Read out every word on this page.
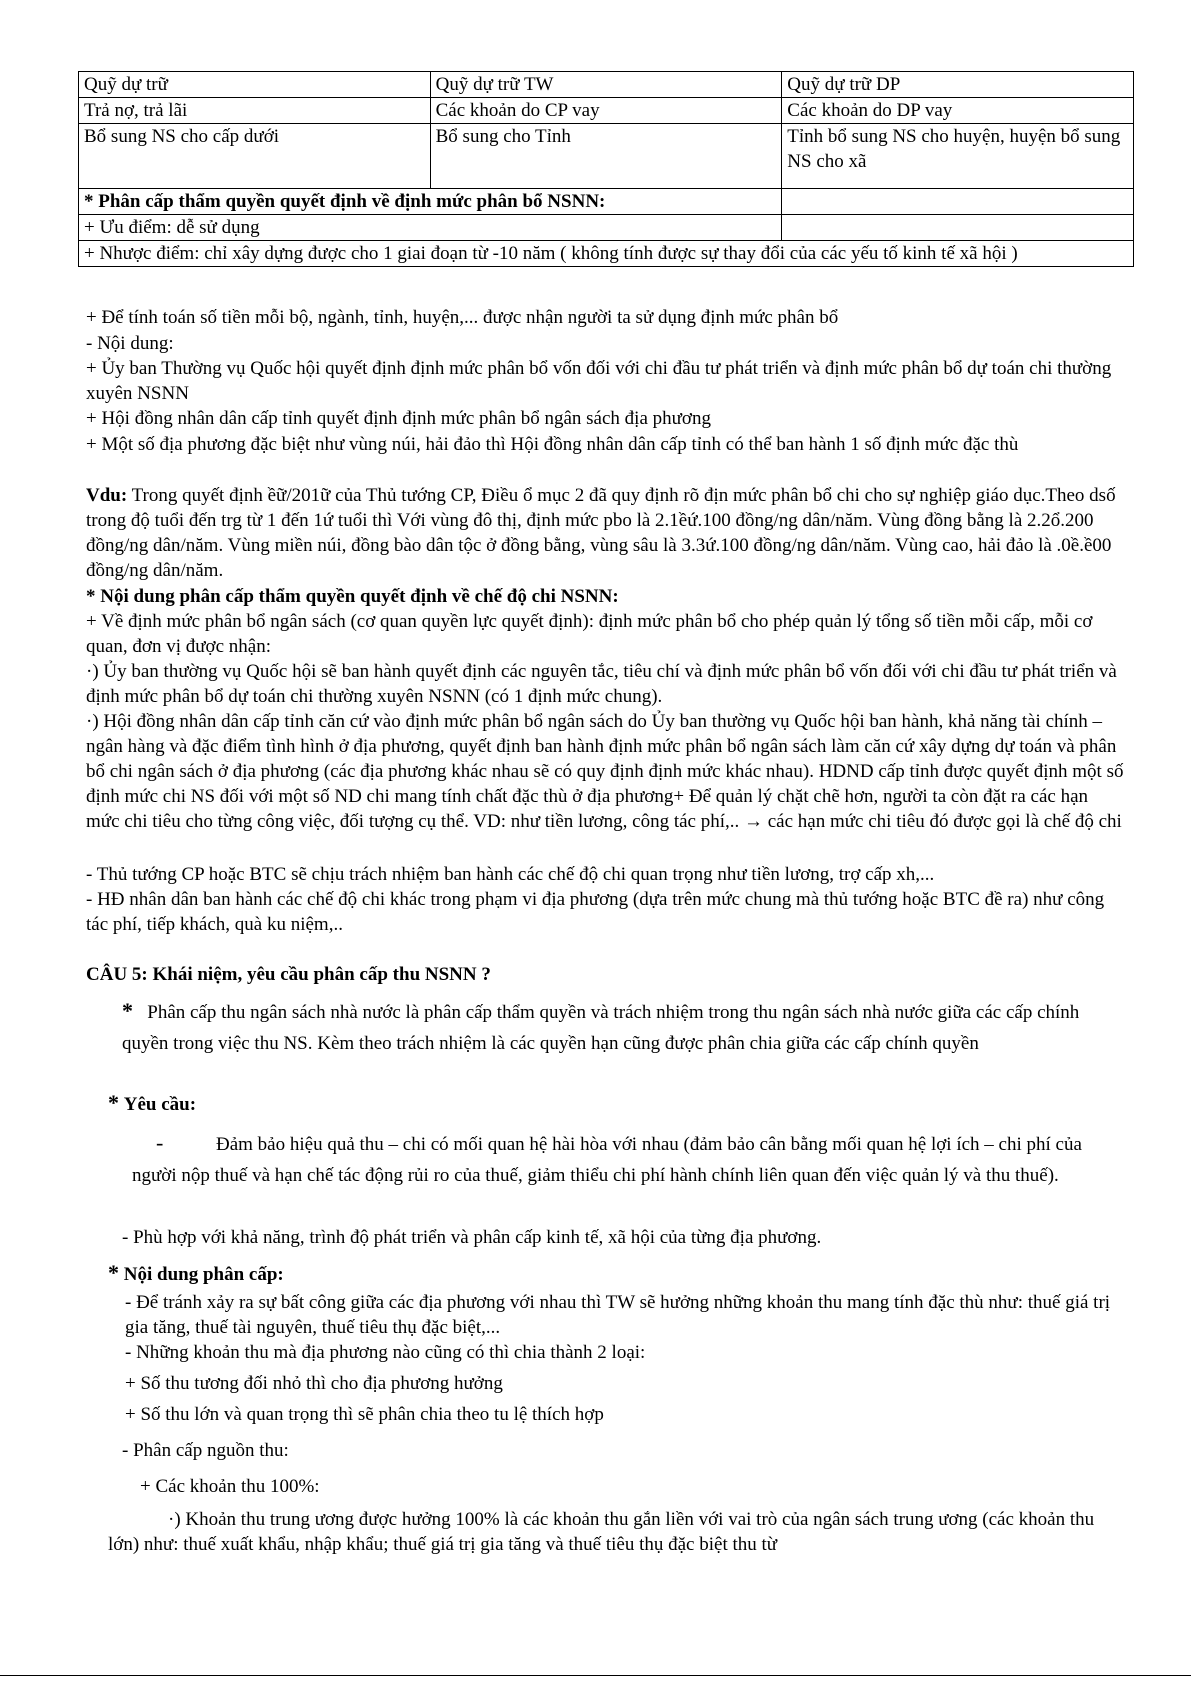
Quỹ dự trữ	Quỹ dự trữ TW	Quỹ dự trữ DP
Trả nợ, trả lãi	Các khoản do CP vay	Các khoản do DP vay
Bổ sung NS cho cấp dưới	Bổ sung cho Tỉnh	Tỉnh bổ sung NS cho huyện, huyện bổ sung NS cho xã
* Phân cấp thẩm quyền quyết định về định mức phân bổ NSNN:		
+ Ưu điểm: dễ sử dụng		
+ Nhược điểm: chỉ xây dựng được cho 1 giai đoạn từ -10 năm ( không tính được sự thay đổi của các yếu tố kinh tế xã hội )		

+ Để tính toán số tiền mỗi bộ, ngành, tỉnh, huyện,... được nhận người ta sử dụng định mức phân bổ

- Nội dung:

+ Ủy ban Thường vụ Quốc hội quyết định định mức phân bổ vốn đối với chi đầu tư phát triển và định mức phân bổ dự toán chi thường xuyên NSNN

+ Hội đồng nhân dân cấp tỉnh quyết định định mức phân bổ ngân sách địa phương

+ Một số địa phương đặc biệt như vùng núi, hải đảo thì Hội đồng nhân dân cấp tỉnh có thể ban hành 1 số định mức đặc thù

Vdu: Trong quyết định ềữ/201ữ của Thủ tướng CP, Điều ổ mục 2 đã quy định rõ địn mức phân bổ chi cho sự nghiệp giáo dục.Theo dsố trong độ tuổi đến trg từ 1 đến 1ứ tuổi thì Với vùng đô thị, định mức pbo là 2.1ềứ.100 đồng/ng dân/năm. Vùng đồng bằng là 2.2ổ.200 đồng/ng dân/năm. Vùng miền núi, đồng bào dân tộc ở đồng bằng, vùng sâu là 3.3ứ.100 đồng/ng dân/năm. Vùng cao, hải đảo là .0ề.ề00 đồng/ng dân/năm.

* Nội dung phân cấp thẩm quyền quyết định về chế độ chi NSNN:

+ Về định mức phân bổ ngân sách (cơ quan quyền lực quyết định): định mức phân bổ cho phép quản lý tổng số tiền mỗi cấp, mỗi cơ quan, đơn vị được nhận:

·) Ủy ban thường vụ Quốc hội sẽ ban hành quyết định các nguyên tắc, tiêu chí và định mức phân bổ vốn đối với chi đầu tư phát triển và định mức phân bổ dự toán chi thường xuyên NSNN (có 1 định mức chung).

·) Hội đồng nhân dân cấp tỉnh căn cứ vào định mức phân bổ ngân sách do Ủy ban thường vụ Quốc hội ban hành, khả năng tài chính – ngân hàng và đặc điểm tình hình ở địa phương, quyết định ban hành định mức phân bổ ngân sách làm căn cứ xây dựng dự toán và phân bổ chi ngân sách ở địa phương (các địa phương khác nhau sẽ có quy định định mức khác nhau). HDND cấp tỉnh được quyết định một số định mức chi NS đối với một số ND chi mang tính chất đặc thù ở địa phương+ Để quản lý chặt chẽ hơn, người ta còn đặt ra các hạn mức chi tiêu cho từng công việc, đối tượng cụ thể. VD: như tiền lương, công tác phí,.. → các hạn mức chi tiêu đó được gọi là chế độ chi

- Thủ tướng CP hoặc BTC sẽ chịu trách nhiệm ban hành các chế độ chi quan trọng như tiền lương, trợ cấp xh,...

- HĐ nhân dân ban hành các chế độ chi khác trong phạm vi địa phương (dựa trên mức chung mà thủ tướng hoặc BTC đề ra) như công tác phí, tiếp khách, quà ku niệm,..

CÂU 5: Khái niệm, yêu cầu phân cấp thu NSNN ?

* Phân cấp thu ngân sách nhà nước là phân cấp thẩm quyền và trách nhiệm trong thu ngân sách nhà nước giữa các cấp chính quyền trong việc thu NS. Kèm theo trách nhiệm là các quyền hạn cũng được phân chia giữa các cấp chính quyền

* Yêu cầu:

-	Đảm bảo hiệu quả thu – chi có mối quan hệ hài hòa với nhau (đảm bảo cân bằng mối quan hệ lợi ích – chi phí của người nộp thuế và hạn chế tác động rủi ro của thuế, giảm thiểu chi phí hành chính liên quan đến việc quản lý và thu thuế).

- Phù hợp với khả năng, trình độ phát triển và phân cấp kinh tế, xã hội của từng địa phương.

* Nội dung phân cấp:

- Để tránh xảy ra sự bất công giữa các địa phương với nhau thì TW sẽ hưởng những khoản thu mang tính đặc thù như: thuế giá trị gia tăng, thuế tài nguyên, thuế tiêu thụ đặc biệt,...

- Những khoản thu mà địa phương nào cũng có thì chia thành 2 loại:

+ Số thu tương đối nhỏ thì cho địa phương hưởng

+ Số thu lớn và quan trọng thì sẽ phân chia theo tu lệ thích hợp

- Phân cấp nguồn thu:

+ Các khoản thu 100%:

·) Khoản thu trung ương được hưởng 100% là các khoản thu gắn liền với vai trò của ngân sách trung ương (các khoản thu lớn) như: thuế xuất khẩu, nhập khẩu; thuế giá trị gia tăng và thuế tiêu thụ đặc biệt thu từ
